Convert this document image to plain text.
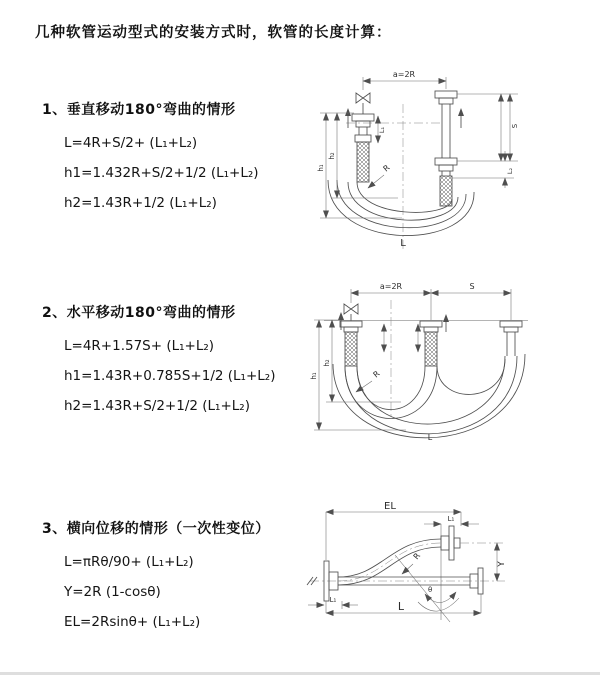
几种软管运动型式的安装方式时，软管的长度计算：
1、垂直移动180°弯曲的情形

L=4R+S/2+ (L₁+L₂)

h1=1.432R+S/2+1/2 (L₁+L₂)

h2=1.43R+1/2 (L₁+L₂)

2、水平移动180°弯曲的情形

L=4R+1.57S+ (L₁+L₂)

h1=1.43R+0.785S+1/2 (L₁+L₂)

h2=1.43R+S/2+1/2 (L₁+L₂)

3、横向位移的情形（一次性变位）

L=πRθ/90+ (L₁+L₂)

Y=2R (1-cosθ)

EL=2Rsinθ+ (L₁+L₂)

a=2R
R
h₁
h₂
L₁
S
L₂
L
a=2R	S
R
h₁
h₂
L
EL
L₁
θ
R
Y
L
L₁
